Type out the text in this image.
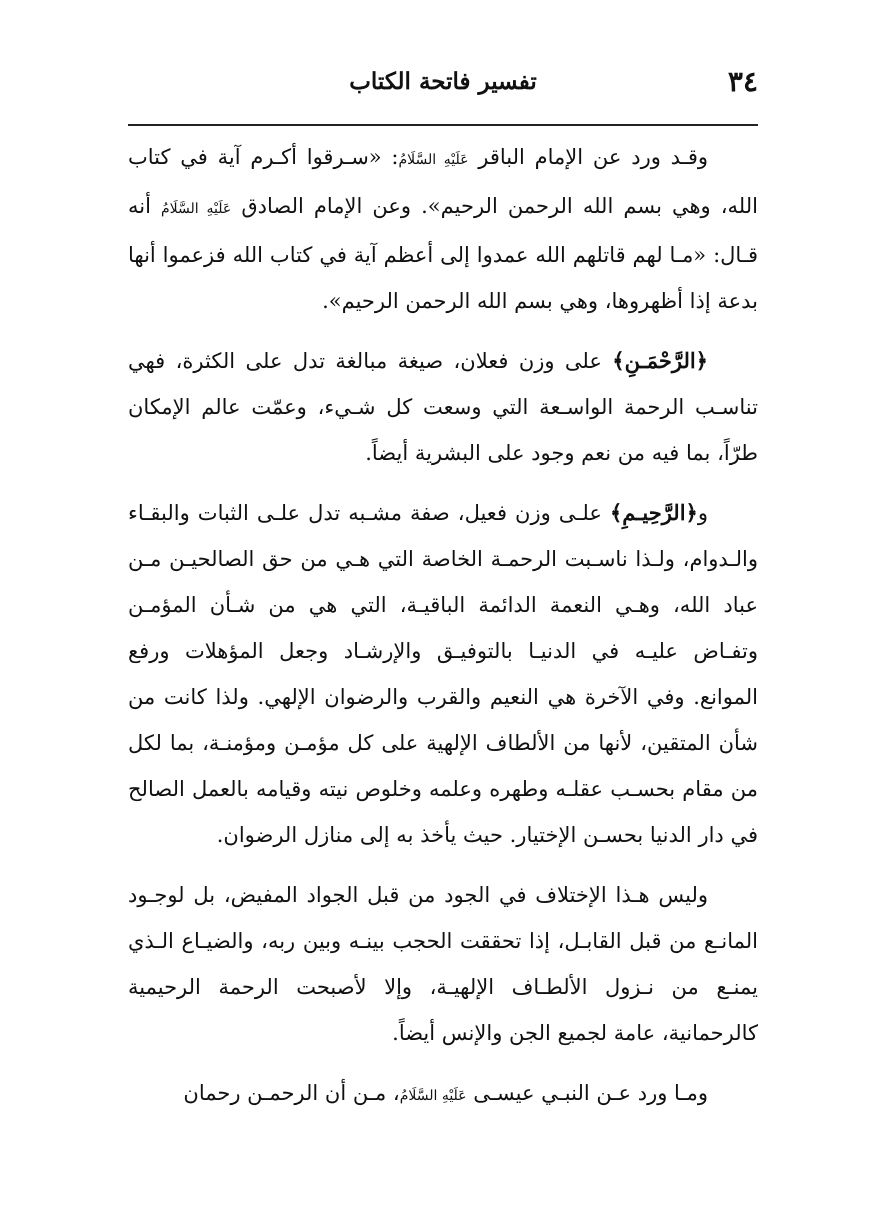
٣٤
تفسير فاتحة الكتاب

وقـد ورد عن الإمام الباقر عَلَيْهِ السَّلَامُ: «سـرقوا أكـرم آية في كتاب الله، وهي بسم الله الرحمن الرحيم». وعن الإمام الصادق عَلَيْهِ السَّلَامُ أنه قـال: «مـا لهم قاتلهم الله عمدوا إلى أعظم آية في كتاب الله فزعموا أنها بدعة إذا أظهروها، وهي بسم الله الرحمن الرحيم».

﴿الرَّحْمَـنِ﴾ على وزن فعلان، صيغة مبالغة تدل على الكثرة، فهي تناسـب الرحمة الواسـعة التي وسعت كل شـيء، وعمّت عالم الإمكان طرّاً، بما فيه من نعم وجود على البشرية أيضاً.

و﴿الرَّحِيـمِ﴾ علـى وزن فعيل، صفة مشـبه تدل علـى الثبات والبقـاء والـدوام، ولـذا ناسـبت الرحمـة الخاصة التي هـي من حق الصالحيـن مـن عباد الله، وهـي النعمة الدائمة الباقيـة، التي هي من شـأن المؤمـن وتفـاض عليـه في الدنيـا بالتوفيـق والإرشـاد وجعل المؤهلات ورفع الموانع. وفي الآخرة هي النعيم والقرب والرضوان الإلهي. ولذا كانت من شأن المتقين، لأنها من الألطاف الإلهية على كل مؤمـن ومؤمنـة، بما لكل من مقام بحسـب عقلـه وطهره وعلمه وخلوص نيته وقيامه بالعمل الصالح في دار الدنيا بحسـن الإختيار. حيث يأخذ به إلى منازل الرضوان.

وليس هـذا الإختلاف في الجود من قبل الجواد المفيض، بل لوجـود المانـع من قبل القابـل، إذا تحققت الحجب بينـه وبين ربه، والضيـاع الـذي يمنـع من نـزول الألطـاف الإلهيـة، وإلا لأصبحت الرحمة الرحيمية كالرحمانية، عامة لجميع الجن والإنس أيضاً.

ومـا ورد عـن النبـي عيسـى عَلَيْهِ السَّلَامُ، مـن أن الرحمـن رحمان
